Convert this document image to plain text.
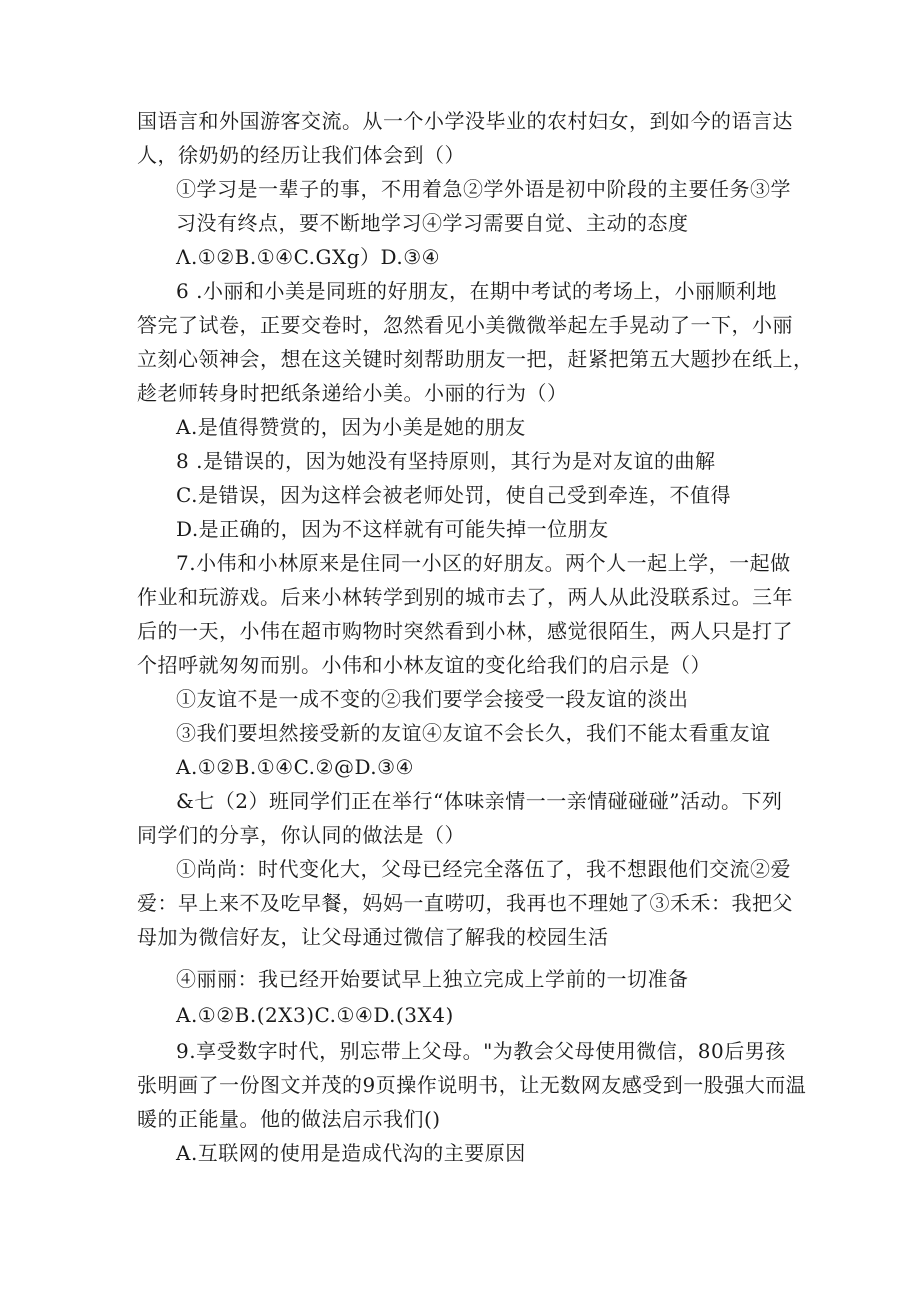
国语言和外国游客交流。从一个小学没毕业的农村妇女，到如今的语言达
人，徐奶奶的经历让我们体会到（）
①学习是一辈子的事，不用着急②学外语是初中阶段的主要任务③学
习没有终点，要不断地学习④学习需要自觉、主动的态度
Λ.①②B.①④C.GXg）D.③④
6 .小丽和小美是同班的好朋友，在期中考试的考场上，小丽顺利地
答完了试卷，正要交卷时，忽然看见小美微微举起左手晃动了一下，小丽
立刻心领神会，想在这关键时刻帮助朋友一把，赶紧把第五大题抄在纸上，
趁老师转身时把纸条递给小美。小丽的行为（）
A.是值得赞赏的，因为小美是她的朋友
8 .是错误的，因为她没有坚持原则，其行为是对友谊的曲解
C.是错误，因为这样会被老师处罚，使自己受到牵连，不值得
D.是正确的，因为不这样就有可能失掉一位朋友
7.小伟和小林原来是住同一小区的好朋友。两个人一起上学，一起做
作业和玩游戏。后来小林转学到别的城市去了，两人从此没联系过。三年
后的一天，小伟在超市购物时突然看到小林，感觉很陌生，两人只是打了
个招呼就匆匆而别。小伟和小林友谊的变化给我们的启示是（）
①友谊不是一成不变的②我们要学会接受一段友谊的淡出
③我们要坦然接受新的友谊④友谊不会长久，我们不能太看重友谊
A.①②B.①④C.②@D.③④
&七（2）班同学们正在举行“体味亲情一一亲情碰碰碰”活动。下列
同学们的分享，你认同的做法是（）
①尚尚：时代变化大，父母已经完全落伍了，我不想跟他们交流②爱
爱：早上来不及吃早餐，妈妈一直唠叨，我再也不理她了③禾禾：我把父
母加为微信好友，让父母通过微信了解我的校园生活
④丽丽：我已经开始要试早上独立完成上学前的一切准备
A.①②B.(2X3)C.①④D.(3X4)
9.享受数字时代，别忘带上父母。"为教会父母使用微信，80后男孩
张明画了一份图文并茂的9页操作说明书，让无数网友感受到一股强大而温
暖的正能量。他的做法启示我们()
A.互联网的使用是造成代沟的主要原因
